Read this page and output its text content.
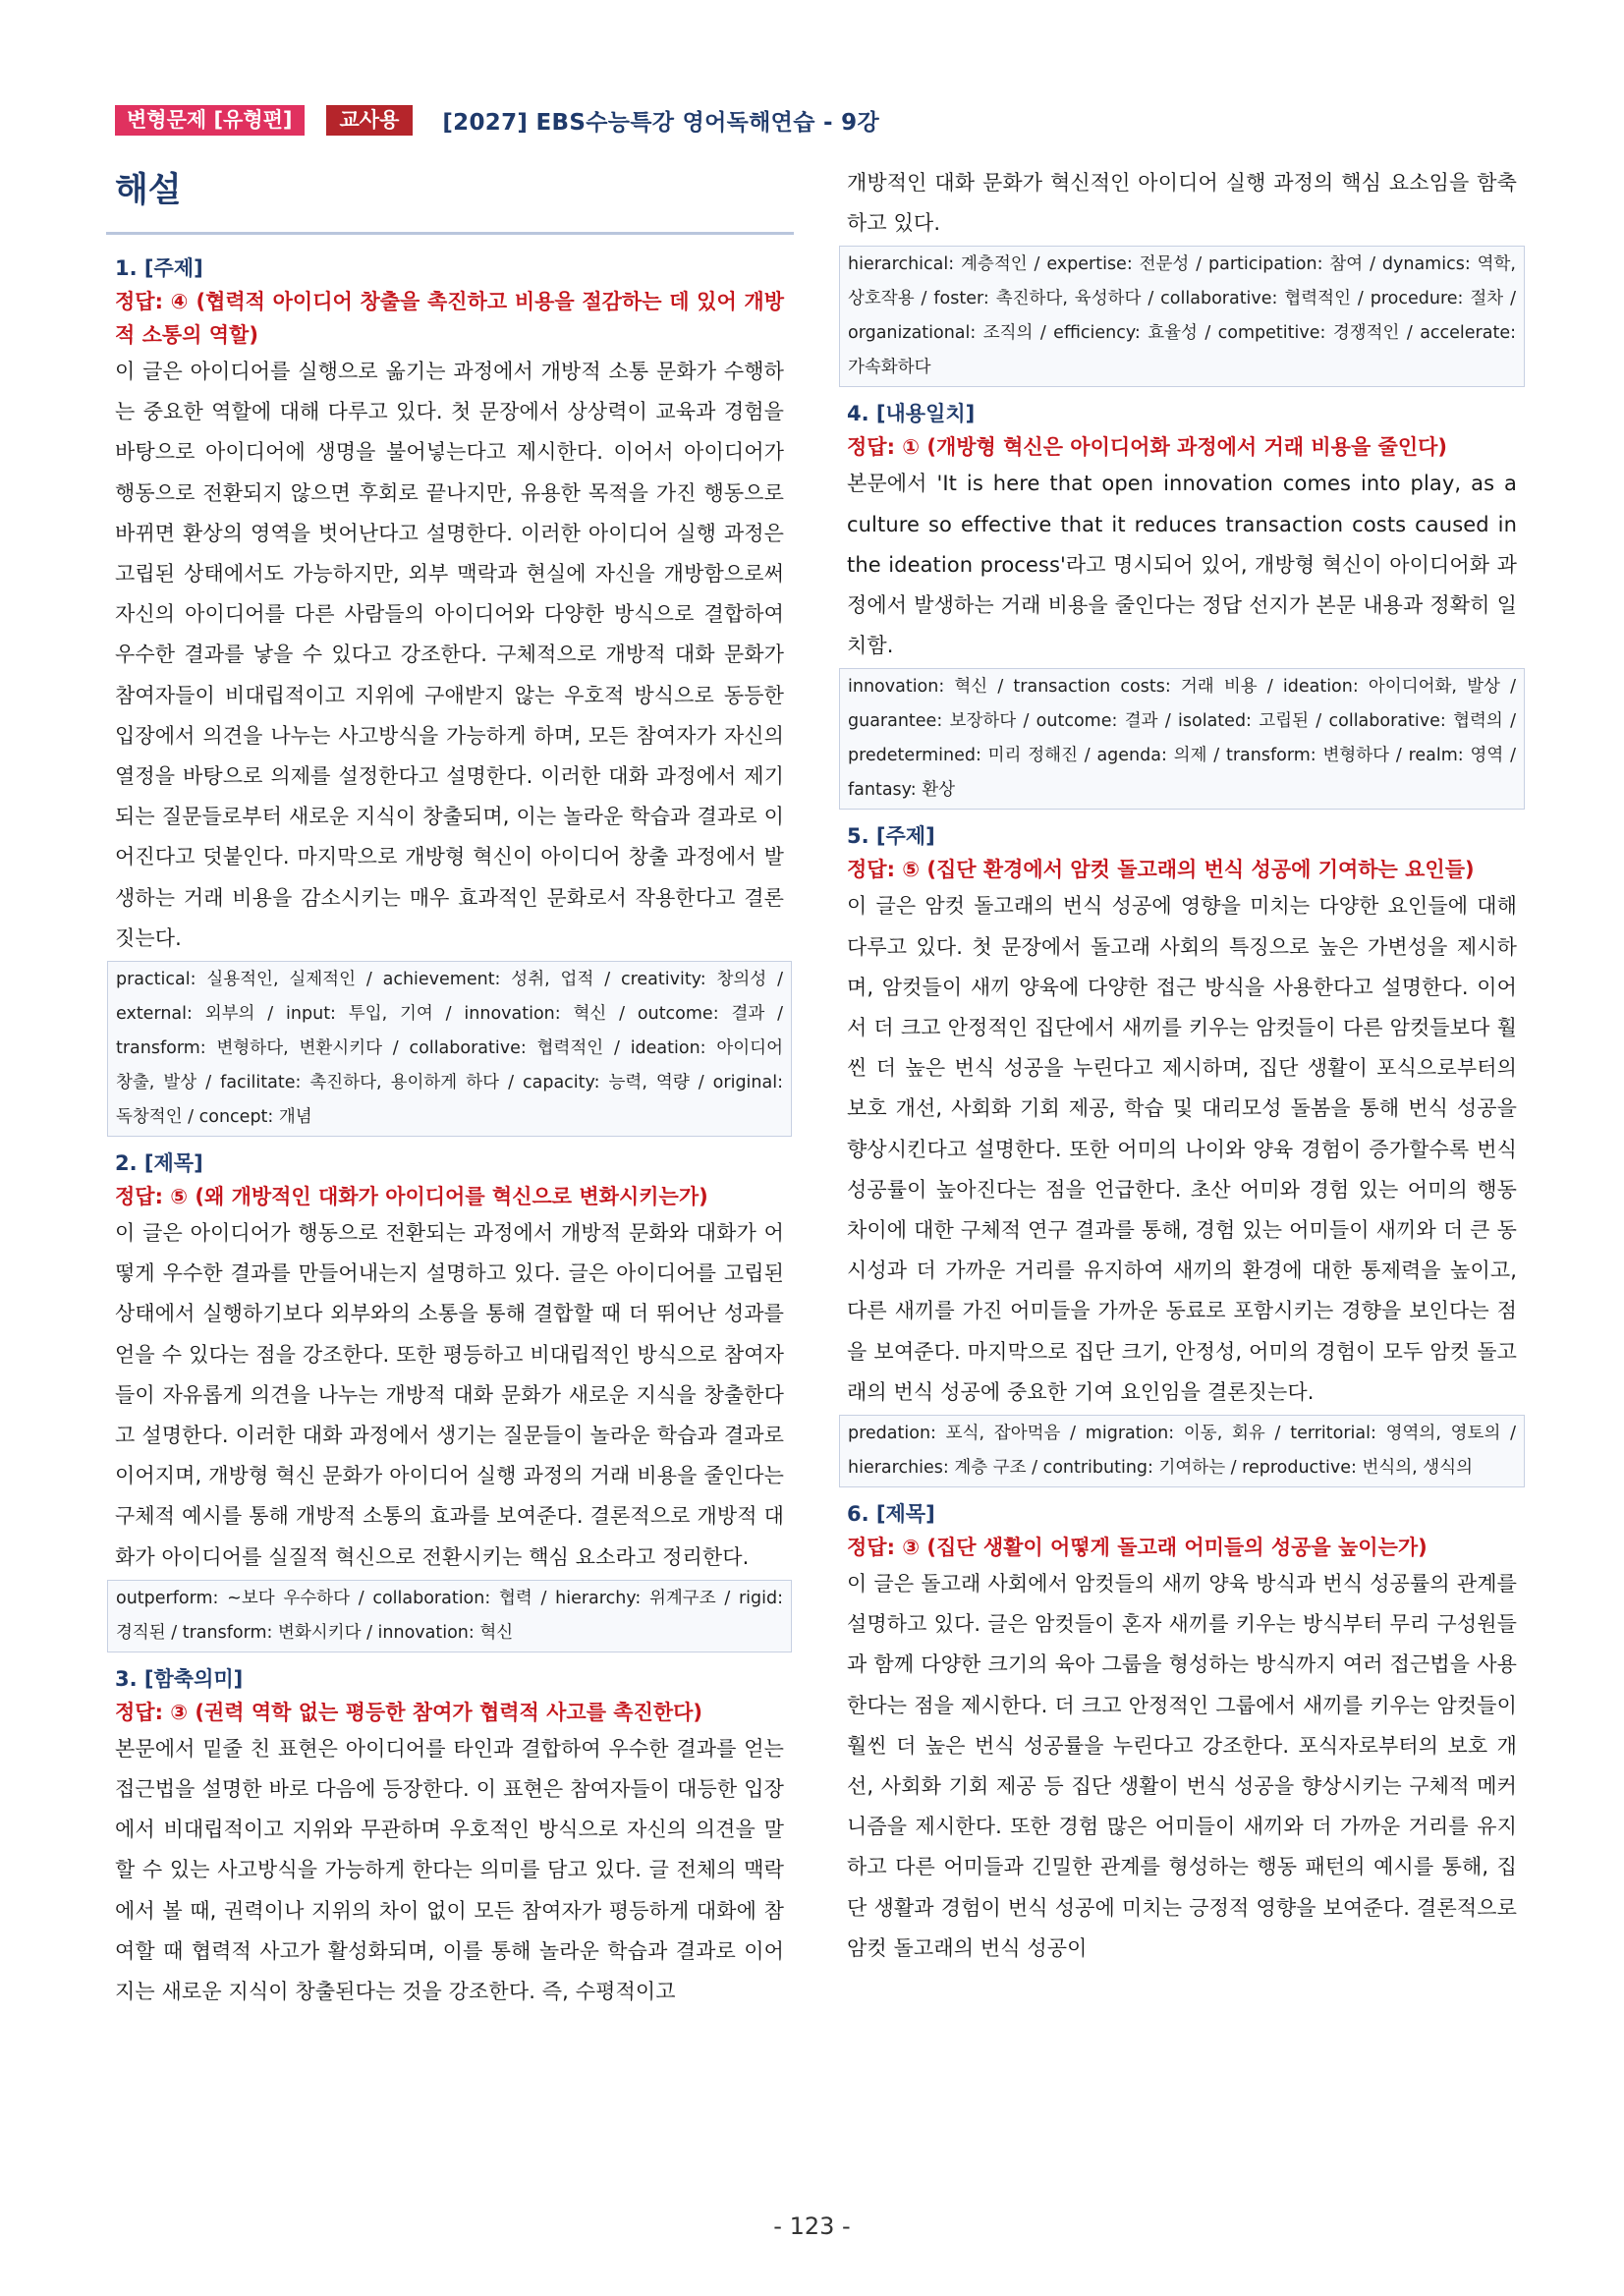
변형문제 [유형편]	교사용	[2027] EBS수능특강 영어독해연습 - 9강
해설

1. [주제]

정답: ④ (협력적 아이디어 창출을 촉진하고 비용을 절감하는 데 있어 개방적 소통의 역할)

이 글은 아이디어를 실행으로 옮기는 과정에서 개방적 소통 문화가 수행하는 중요한 역할에 대해 다루고 있다. 첫 문장에서 상상력이 교육과 경험을 바탕으로 아이디어에 생명을 불어넣는다고 제시한다. 이어서 아이디어가 행동으로 전환되지 않으면 후회로 끝나지만, 유용한 목적을 가진 행동으로 바뀌면 환상의 영역을 벗어난다고 설명한다. 이러한 아이디어 실행 과정은 고립된 상태에서도 가능하지만, 외부 맥락과 현실에 자신을 개방함으로써 자신의 아이디어를 다른 사람들의 아이디어와 다양한 방식으로 결합하여 우수한 결과를 낳을 수 있다고 강조한다. 구체적으로 개방적 대화 문화가 참여자들이 비대립적이고 지위에 구애받지 않는 우호적 방식으로 동등한 입장에서 의견을 나누는 사고방식을 가능하게 하며, 모든 참여자가 자신의 열정을 바탕으로 의제를 설정한다고 설명한다. 이러한 대화 과정에서 제기되는 질문들로부터 새로운 지식이 창출되며, 이는 놀라운 학습과 결과로 이어진다고 덧붙인다. 마지막으로 개방형 혁신이 아이디어 창출 과정에서 발생하는 거래 비용을 감소시키는 매우 효과적인 문화로서 작용한다고 결론짓는다.

practical: 실용적인, 실제적인 / achievement: 성취, 업적 / creativity: 창의성 / external: 외부의 / input: 투입, 기여 / innovation: 혁신 / outcome: 결과 / transform: 변형하다, 변환시키다 / collaborative: 협력적인 / ideation: 아이디어 창출, 발상 / facilitate: 촉진하다, 용이하게 하다 / capacity: 능력, 역량 / original: 독창적인 / concept: 개념

2. [제목]

정답: ⑤ (왜 개방적인 대화가 아이디어를 혁신으로 변화시키는가)

이 글은 아이디어가 행동으로 전환되는 과정에서 개방적 문화와 대화가 어떻게 우수한 결과를 만들어내는지 설명하고 있다. 글은 아이디어를 고립된 상태에서 실행하기보다 외부와의 소통을 통해 결합할 때 더 뛰어난 성과를 얻을 수 있다는 점을 강조한다. 또한 평등하고 비대립적인 방식으로 참여자들이 자유롭게 의견을 나누는 개방적 대화 문화가 새로운 지식을 창출한다고 설명한다. 이러한 대화 과정에서 생기는 질문들이 놀라운 학습과 결과로 이어지며, 개방형 혁신 문화가 아이디어 실행 과정의 거래 비용을 줄인다는 구체적 예시를 통해 개방적 소통의 효과를 보여준다. 결론적으로 개방적 대화가 아이디어를 실질적 혁신으로 전환시키는 핵심 요소라고 정리한다.

outperform: ~보다 우수하다 / collaboration: 협력 / hierarchy: 위계구조 / rigid: 경직된 / transform: 변화시키다 / innovation: 혁신

3. [함축의미]

정답: ③ (권력 역학 없는 평등한 참여가 협력적 사고를 촉진한다)

본문에서 밑줄 친 표현은 아이디어를 타인과 결합하여 우수한 결과를 얻는 접근법을 설명한 바로 다음에 등장한다. 이 표현은 참여자들이 대등한 입장에서 비대립적이고 지위와 무관하며 우호적인 방식으로 자신의 의견을 말할 수 있는 사고방식을 가능하게 한다는 의미를 담고 있다. 글 전체의 맥락에서 볼 때, 권력이나 지위의 차이 없이 모든 참여자가 평등하게 대화에 참여할 때 협력적 사고가 활성화되며, 이를 통해 놀라운 학습과 결과로 이어지는 새로운 지식이 창출된다는 것을 강조한다. 즉, 수평적이고

개방적인 대화 문화가 혁신적인 아이디어 실행 과정의 핵심 요소임을 함축하고 있다.

hierarchical: 계층적인 / expertise: 전문성 / participation: 참여 / dynamics: 역학, 상호작용 / foster: 촉진하다, 육성하다 / collaborative: 협력적인 / procedure: 절차 / organizational: 조직의 / efficiency: 효율성 / competitive: 경쟁적인 / accelerate: 가속화하다

4. [내용일치]

정답: ① (개방형 혁신은 아이디어화 과정에서 거래 비용을 줄인다)

본문에서 'It is here that open innovation comes into play, as a culture so effective that it reduces transaction costs caused in the ideation process'라고 명시되어 있어, 개방형 혁신이 아이디어화 과정에서 발생하는 거래 비용을 줄인다는 정답 선지가 본문 내용과 정확히 일치함.

innovation: 혁신 / transaction costs: 거래 비용 / ideation: 아이디어화, 발상 / guarantee: 보장하다 / outcome: 결과 / isolated: 고립된 / collaborative: 협력의 / predetermined: 미리 정해진 / agenda: 의제 / transform: 변형하다 / realm: 영역 / fantasy: 환상

5. [주제]

정답: ⑤ (집단 환경에서 암컷 돌고래의 번식 성공에 기여하는 요인들)

이 글은 암컷 돌고래의 번식 성공에 영향을 미치는 다양한 요인들에 대해 다루고 있다. 첫 문장에서 돌고래 사회의 특징으로 높은 가변성을 제시하며, 암컷들이 새끼 양육에 다양한 접근 방식을 사용한다고 설명한다. 이어서 더 크고 안정적인 집단에서 새끼를 키우는 암컷들이 다른 암컷들보다 훨씬 더 높은 번식 성공을 누린다고 제시하며, 집단 생활이 포식으로부터의 보호 개선, 사회화 기회 제공, 학습 및 대리모성 돌봄을 통해 번식 성공을 향상시킨다고 설명한다. 또한 어미의 나이와 양육 경험이 증가할수록 번식 성공률이 높아진다는 점을 언급한다. 초산 어미와 경험 있는 어미의 행동 차이에 대한 구체적 연구 결과를 통해, 경험 있는 어미들이 새끼와 더 큰 동시성과 더 가까운 거리를 유지하여 새끼의 환경에 대한 통제력을 높이고, 다른 새끼를 가진 어미들을 가까운 동료로 포함시키는 경향을 보인다는 점을 보여준다. 마지막으로 집단 크기, 안정성, 어미의 경험이 모두 암컷 돌고래의 번식 성공에 중요한 기여 요인임을 결론짓는다.

predation: 포식, 잡아먹음 / migration: 이동, 회유 / territorial: 영역의, 영토의 / hierarchies: 계층 구조 / contributing: 기여하는 / reproductive: 번식의, 생식의

6. [제목]

정답: ③ (집단 생활이 어떻게 돌고래 어미들의 성공을 높이는가)

이 글은 돌고래 사회에서 암컷들의 새끼 양육 방식과 번식 성공률의 관계를 설명하고 있다. 글은 암컷들이 혼자 새끼를 키우는 방식부터 무리 구성원들과 함께 다양한 크기의 육아 그룹을 형성하는 방식까지 여러 접근법을 사용한다는 점을 제시한다. 더 크고 안정적인 그룹에서 새끼를 키우는 암컷들이 훨씬 더 높은 번식 성공률을 누린다고 강조한다. 포식자로부터의 보호 개선, 사회화 기회 제공 등 집단 생활이 번식 성공을 향상시키는 구체적 메커니즘을 제시한다. 또한 경험 많은 어미들이 새끼와 더 가까운 거리를 유지하고 다른 어미들과 긴밀한 관계를 형성하는 행동 패턴의 예시를 통해, 집단 생활과 경험이 번식 성공에 미치는 긍정적 영향을 보여준다. 결론적으로 암컷 돌고래의 번식 성공이

- 123 -
